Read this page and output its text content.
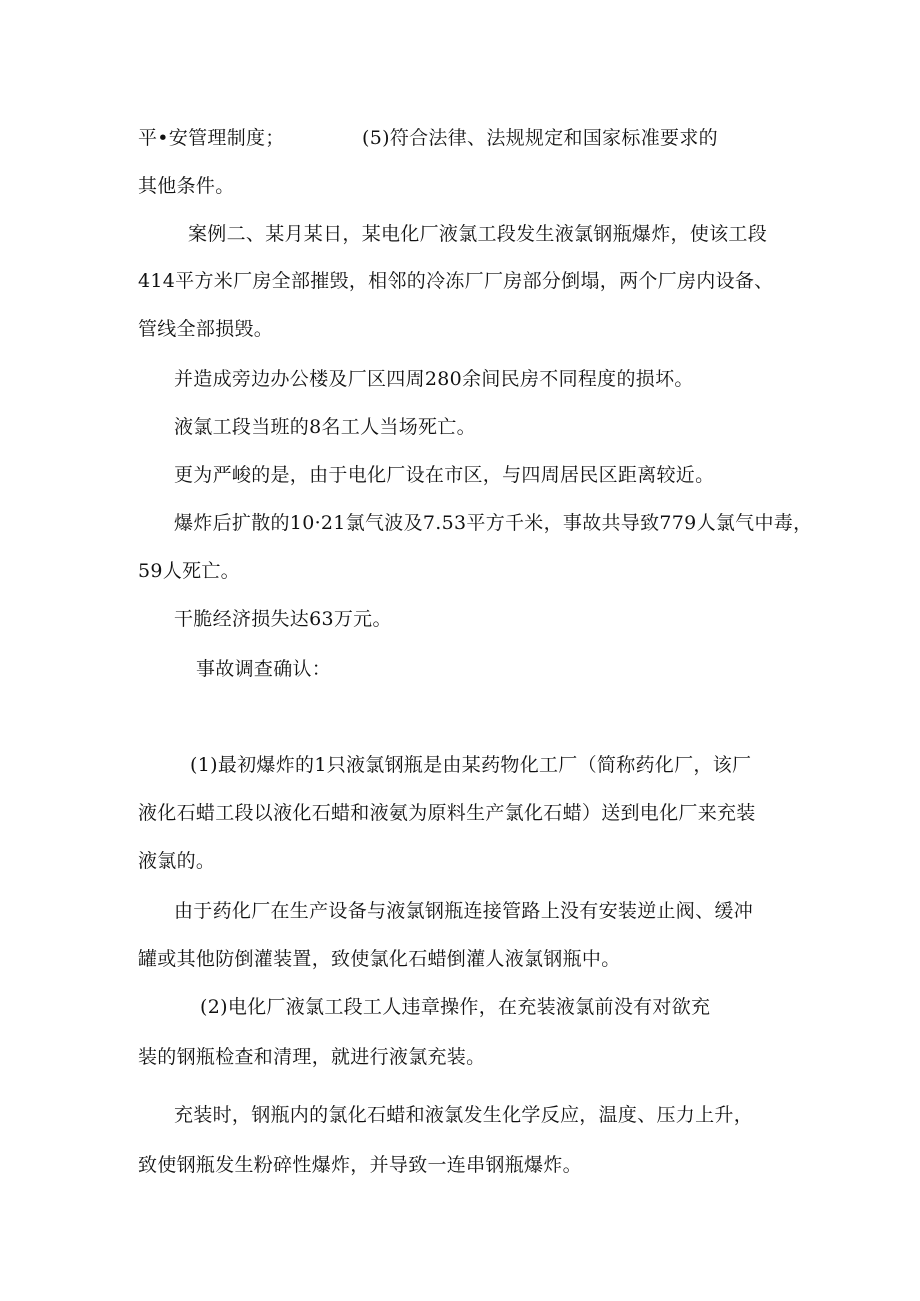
平•安管理制度；	(5)符合法律、法规规定和国家标准要求的
其他条件。
案例二、某月某日，某电化厂液氯工段发生液氯钢瓶爆炸，使该工段
414平方米厂房全部摧毁，相邻的冷冻厂厂房部分倒塌，两个厂房内设备、
管线全部损毁。
并造成旁边办公楼及厂区四周280余间民房不同程度的损坏。
液氯工段当班的8名工人当场死亡。
更为严峻的是，由于电化厂设在市区，与四周居民区距离较近。
爆炸后扩散的10·21氯气波及7.53平方千米，事故共导致779人氯气中毒，
59人死亡。
干脆经济损失达63万元。
事故调查确认：
(1)最初爆炸的1只液氯钢瓶是由某药物化工厂（简称药化厂，该厂
液化石蜡工段以液化石蜡和液氨为原料生产氯化石蜡）送到电化厂来充装
液氯的。
由于药化厂在生产设备与液氯钢瓶连接管路上没有安装逆止阀、缓冲
罐或其他防倒灌装置，致使氯化石蜡倒灌人液氯钢瓶中。
(2)电化厂液氯工段工人违章操作，在充装液氯前没有对欲充
装的钢瓶检查和清理，就进行液氯充装。
充装时，钢瓶内的氯化石蜡和液氯发生化学反应，温度、压力上升，
致使钢瓶发生粉碎性爆炸，并导致一连串钢瓶爆炸。
